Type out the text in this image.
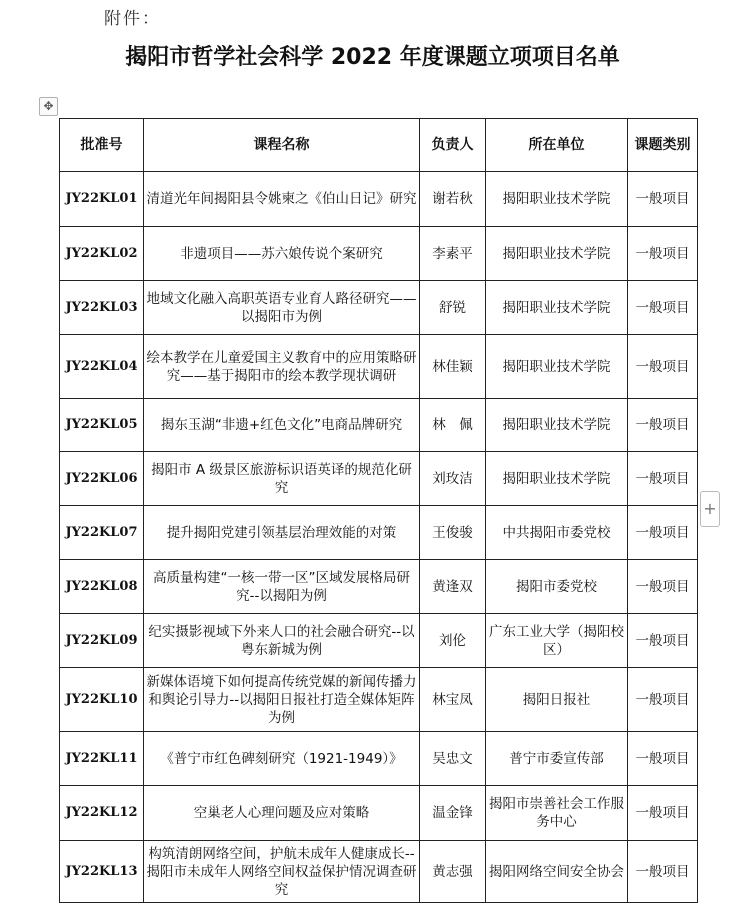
附件：
揭阳市哲学社会科学 2022 年度课题立项项目名单
✥
+
批准号	课程名称	负责人	所在单位	课题类别
JY22KL01	清道光年间揭阳县令姚柬之《伯山日记》研究	谢若秋	揭阳职业技术学院	一般项目
JY22KL02	非遗项目——苏六娘传说个案研究	李素平	揭阳职业技术学院	一般项目
JY22KL03	地域文化融入高职英语专业育人路径研究——以揭阳市为例	舒锐	揭阳职业技术学院	一般项目
JY22KL04	绘本教学在儿童爱国主义教育中的应用策略研究——基于揭阳市的绘本教学现状调研	林佳颖	揭阳职业技术学院	一般项目
JY22KL05	揭东玉湖“非遗+红色文化”电商品牌研究	林　佩	揭阳职业技术学院	一般项目
JY22KL06	揭阳市 A 级景区旅游标识语英译的规范化研究	刘玫洁	揭阳职业技术学院	一般项目
JY22KL07	提升揭阳党建引领基层治理效能的对策	王俊骏	中共揭阳市委党校	一般项目
JY22KL08	高质量构建“一核一带一区”区域发展格局研究--以揭阳为例	黄逢双	揭阳市委党校	一般项目
JY22KL09	纪实摄影视域下外来人口的社会融合研究--以粤东新城为例	刘伦	广东工业大学（揭阳校区）	一般项目
JY22KL10	新媒体语境下如何提高传统党媒的新闻传播力和舆论引导力--以揭阳日报社打造全媒体矩阵为例	林宝凤	揭阳日报社	一般项目
JY22KL11	《普宁市红色碑刻研究（1921-1949）》	吴忠文	普宁市委宣传部	一般项目
JY22KL12	空巢老人心理问题及应对策略	温金锋	揭阳市崇善社会工作服务中心	一般项目
JY22KL13	构筑清朗网络空间，护航未成年人健康成长--揭阳市未成年人网络空间权益保护情况调查研究	黄志强	揭阳网络空间安全协会	一般项目
